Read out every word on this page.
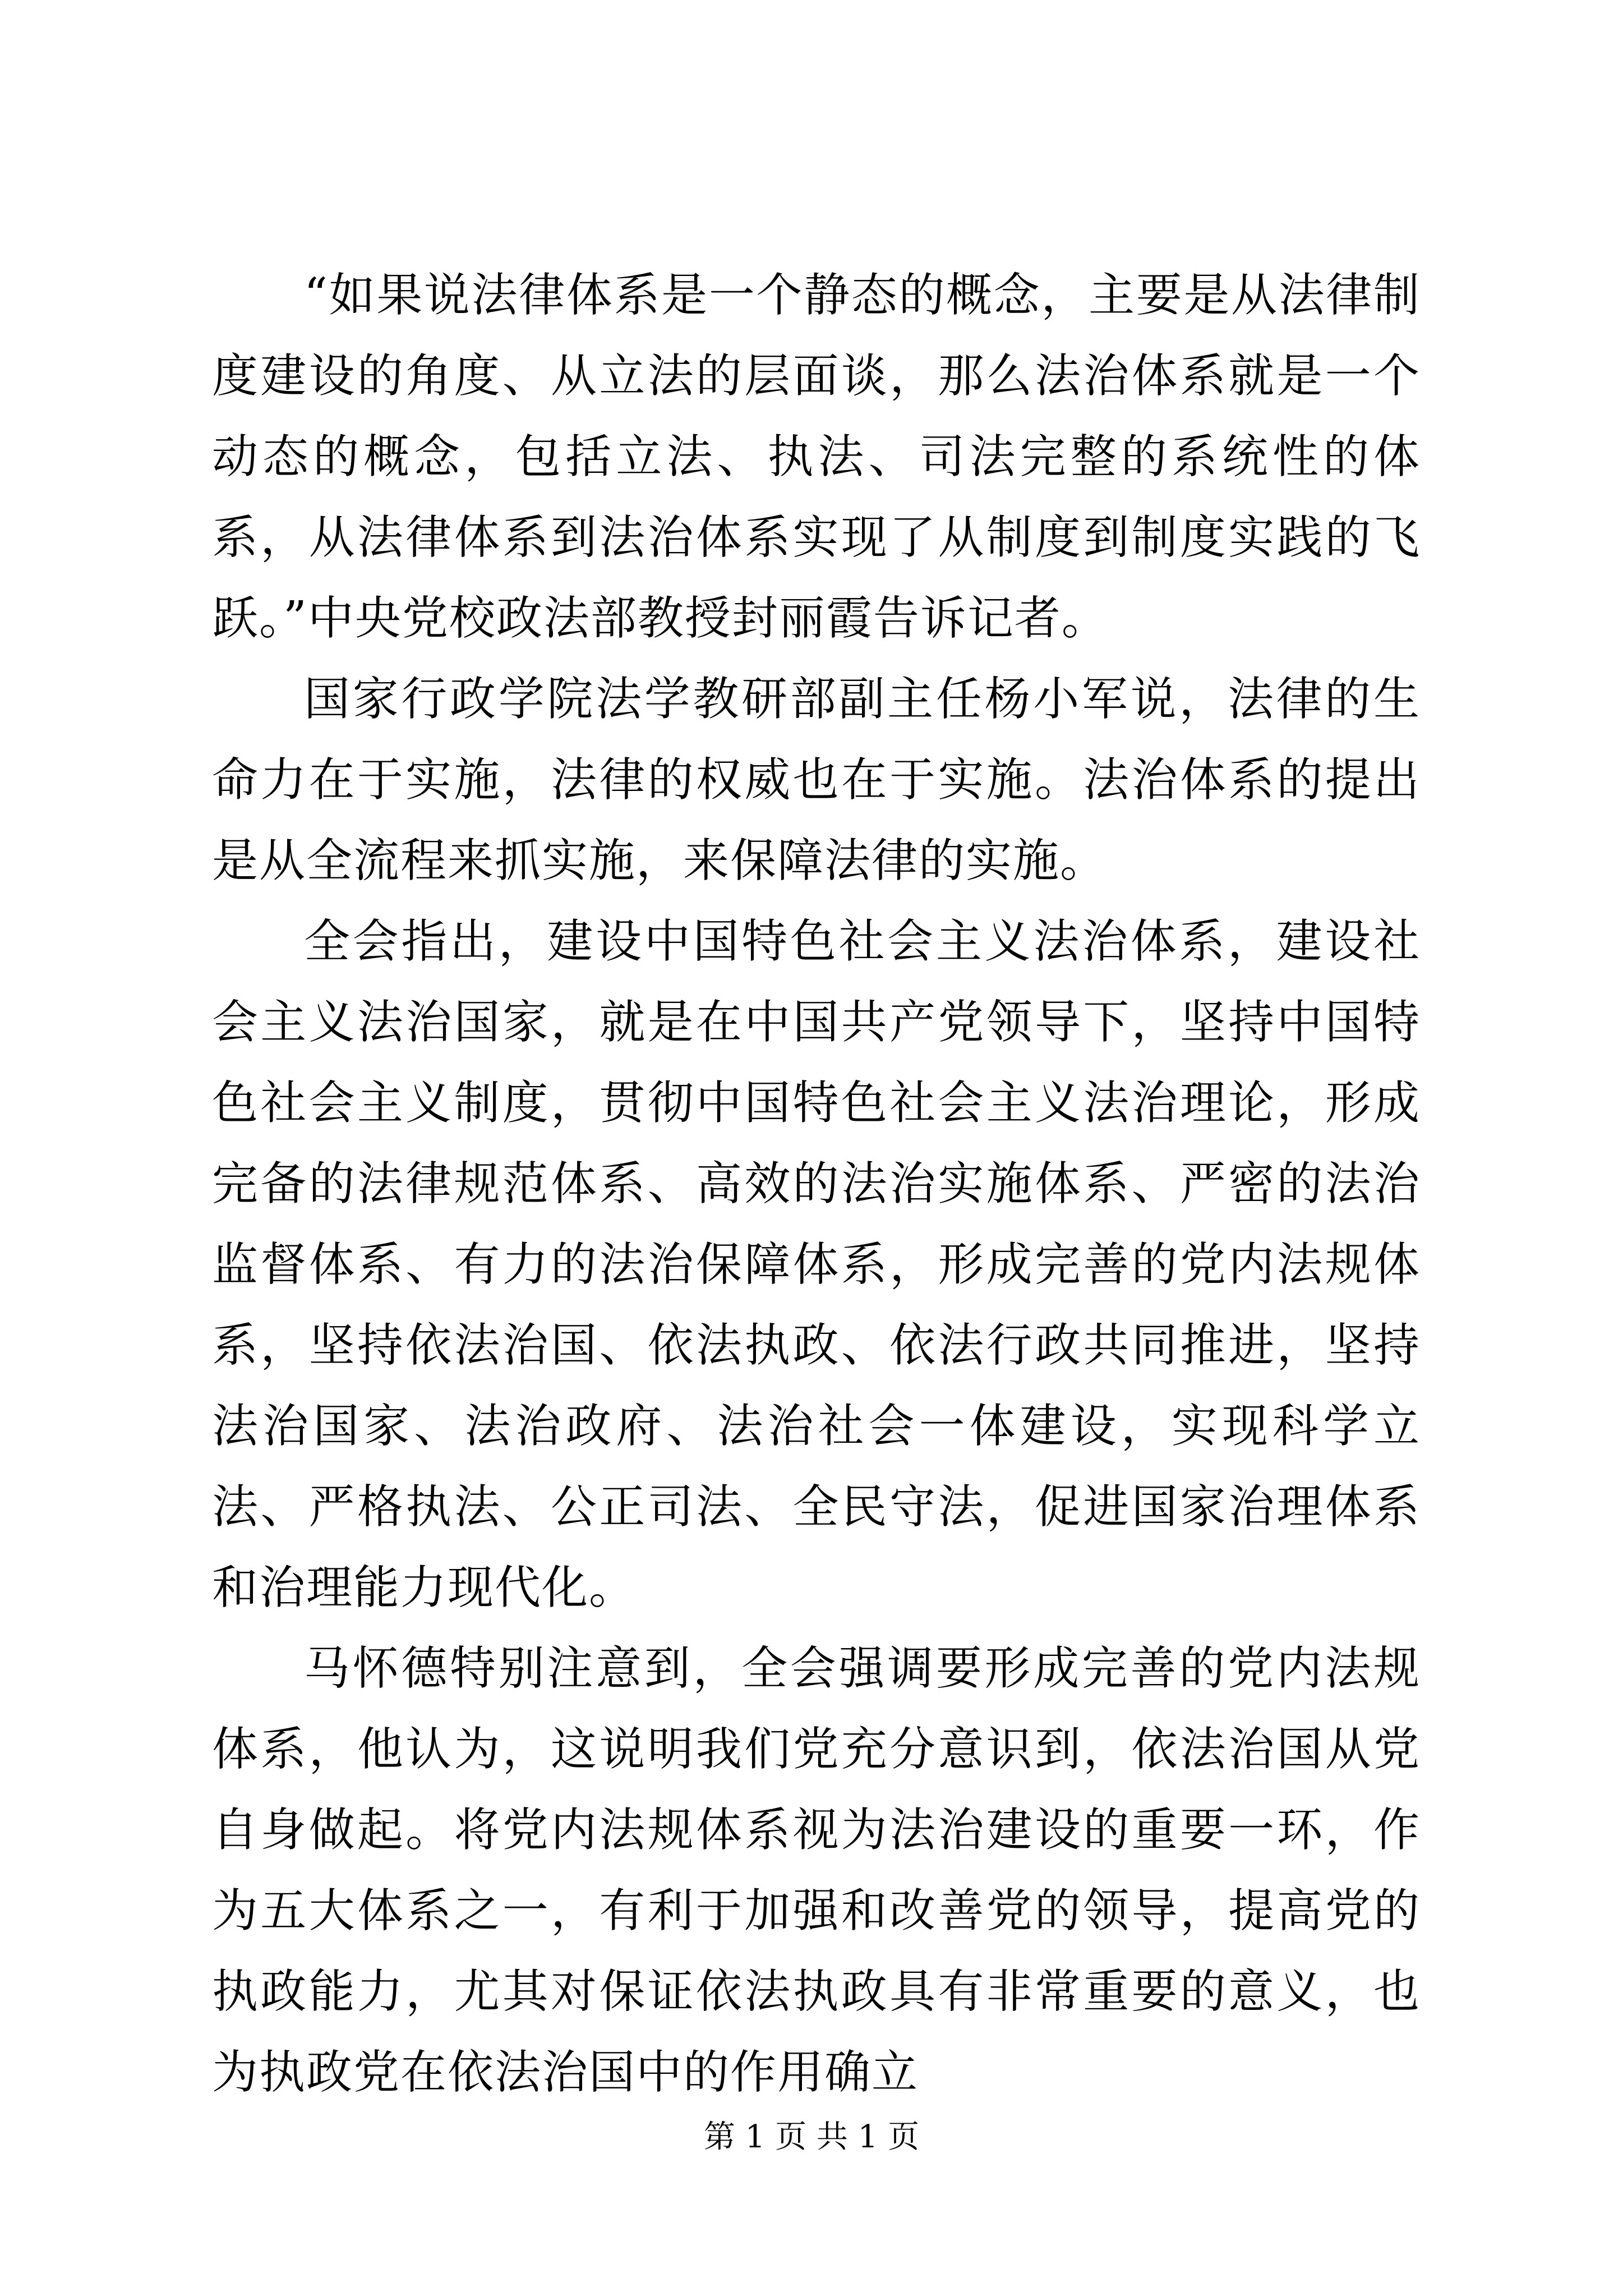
“如果说法律体系是一个静态的概念，主要是从法律制度建设的角度、从立法的层面谈，那么法治体系就是一个动态的概念，包括立法、执法、司法完整的系统性的体系，从法律体系到法治体系实现了从制度到制度实践的飞跃。”中央党校政法部教授封丽霞告诉记者。

国家行政学院法学教研部副主任杨小军说，法律的生命力在于实施，法律的权威也在于实施。法治体系的提出是从全流程来抓实施，来保障法律的实施。

全会指出，建设中国特色社会主义法治体系，建设社会主义法治国家，就是在中国共产党领导下，坚持中国特色社会主义制度，贯彻中国特色社会主义法治理论，形成完备的法律规范体系、高效的法治实施体系、严密的法治监督体系、有力的法治保障体系，形成完善的党内法规体系，坚持依法治国、依法执政、依法行政共同推进，坚持法治国家、法治政府、法治社会一体建设，实现科学立法、严格执法、公正司法、全民守法，促进国家治理体系和治理能力现代化。

马怀德特别注意到，全会强调要形成完善的党内法规体系，他认为，这说明我们党充分意识到，依法治国从党自身做起。将党内法规体系视为法治建设的重要一环，作为五大体系之一，有利于加强和改善党的领导，提高党的执政能力，尤其对保证依法执政具有非常重要的意义，也为执政党在依法治国中的作用确立

第 1 页 共 1 页
